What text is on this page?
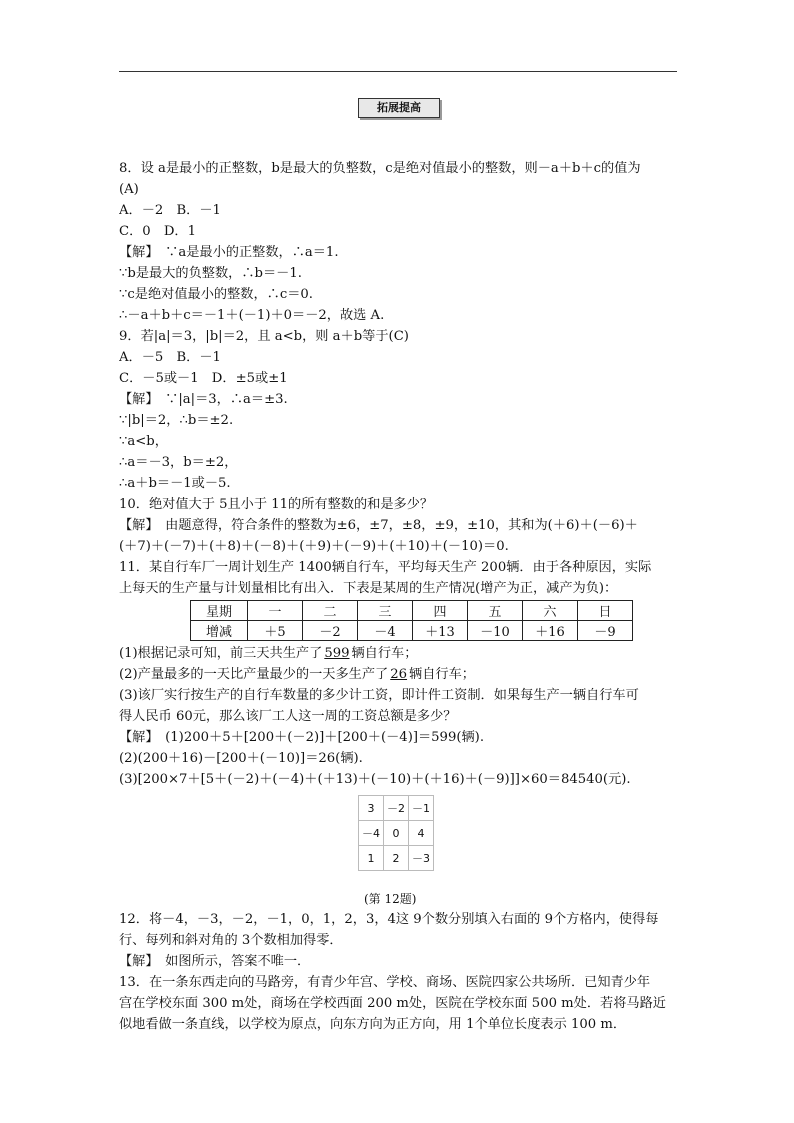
拓展提高
8．设 a是最小的正整数，b是最大的负整数，c是绝对值最小的整数，则－a＋b＋c的值为
(A)
A．－2　B．－1
C．0　D．1
【解】　∵a是最小的正整数，∴a＝1.
∵b是最大的负整数，∴b＝－1.
∵c是绝对值最小的整数，∴c＝0.
∴－a＋b＋c＝－1＋(－1)＋0＝－2，故选 A.
9．若|a|＝3，|b|＝2，且 a<b，则 a＋b等于(C)
A．－5　B．－1
C．－5或－1　D．±5或±1
【解】　∵|a|＝3，∴a＝±3.
∵|b|＝2，∴b＝±2.
∵a<b，
∴a＝－3，b＝±2，
∴a＋b＝－1或－5.
10．绝对值大于 5且小于 11的所有整数的和是多少？
【解】　由题意得，符合条件的整数为±6，±7，±8，±9，±10，其和为(＋6)＋(－6)＋
(＋7)＋(－7)＋(＋8)＋(－8)＋(＋9)＋(－9)＋(＋10)＋(－10)＝0.
11．某自行车厂一周计划生产 1400辆自行车，平均每天生产 200辆．由于各种原因，实际
上每天的生产量与计划量相比有出入．下表是某周的生产情况(增产为正，减产为负)：
星期	一	二	三	四	五	六	日
增减	＋5	－2	－4	＋13	－10	＋16	－9
(1)根据记录可知，前三天共生产了 599 辆自行车；
(2)产量最多的一天比产量最少的一天多生产了 26 辆自行车；
(3)该厂实行按生产的自行车数量的多少计工资，即计件工资制．如果每生产一辆自行车可
得人民币 60元，那么该厂工人这一周的工资总额是多少？
【解】　(1)200＋5＋[200＋(－2)]＋[200＋(－4)]＝599(辆).
(2)(200＋16)－[200＋(－10)]＝26(辆).
(3)[200×7＋[5＋(－2)＋(－4)＋(＋13)＋(－10)＋(＋16)＋(－9)]]×60＝84540(元).
3	－2	－1
－4	0	4
1	2	－3
(第 12题)
12．将－4，－3，－2，－1，0，1，2，3，4这 9个数分别填入右面的 9个方格内，使得每
行、每列和斜对角的 3个数相加得零．
【解】　如图所示，答案不唯一．
13．在一条东西走向的马路旁，有青少年宫、学校、商场、医院四家公共场所．已知青少年
宫在学校东面 300 m处，商场在学校西面 200 m处，医院在学校东面 500 m处．若将马路近
似地看做一条直线，以学校为原点，向东方向为正方向，用 1个单位长度表示 100 m．
